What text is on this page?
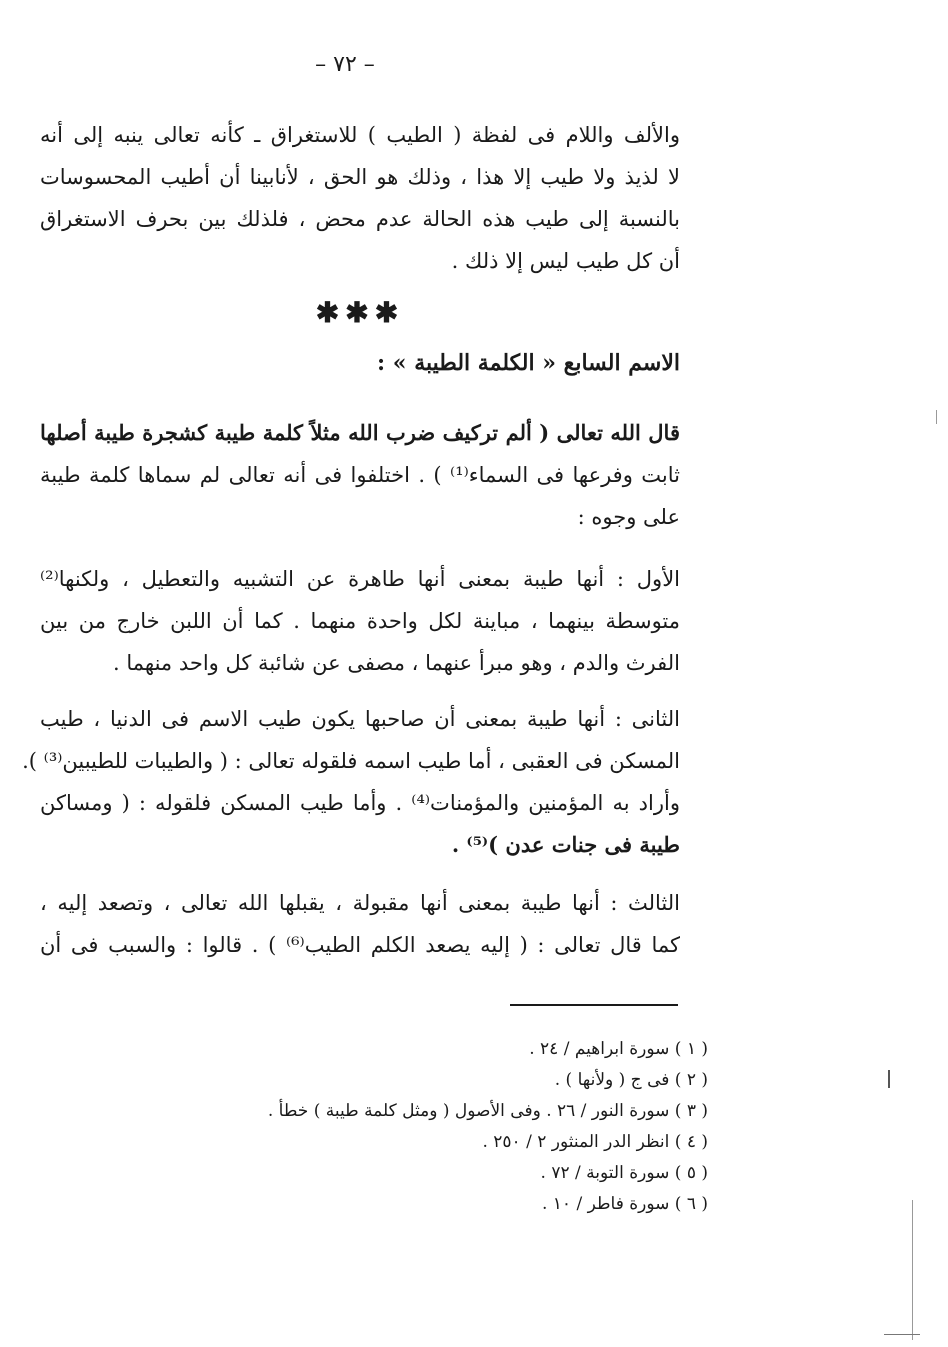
– ٧٢ –
والألف واللام فى لفظة ( الطيب ) للاستغراق ـ كأنه تعالى ينبه إلى أنه
لا لذيذ ولا طيب إلا هذا ، وذلك هو الحق ، لأنابينا أن أطيب المحسوسات
بالنسبة إلى طيب هذه الحالة عدم محض ، فلذلك بين بحرف الاستغراق
أن كل طيب ليس إلا ذلك .
✱✱✱
الاسم السابع « الكلمة الطيبة » :
قال الله تعالى ( ألم تركيف ضرب الله مثلاً كلمة طيبة كشجرة طيبة أصلها
ثابت وفرعها فى السماء⁽¹⁾ ) . اختلفوا فى أنه تعالى لم سماها كلمة طيبة
على وجوه :
الأول : أنها طيبة بمعنى أنها طاهرة عن التشبيه والتعطيل ، ولكنها⁽²⁾
متوسطة بينهما ، مباينة لكل واحدة منهما . كما أن اللبن خارج من بين
الفرث والدم ، وهو مبرأ عنهما ، مصفى عن شائبة كل واحد منهما .
الثانى : أنها طيبة بمعنى أن صاحبها يكون طيب الاسم فى الدنيا ، طيب
المسكن فى العقبى ، أما طيب اسمه فلقوله تعالى : ( والطيبات للطيبين⁽³⁾ ).
وأراد به المؤمنين والمؤمنات⁽⁴⁾ . وأما طيب المسكن فلقوله : ( ومساكن
طيبة فى جنات عدن )⁽⁵⁾ .
الثالث : أنها طيبة بمعنى أنها مقبولة ، يقبلها الله تعالى ، وتصعد إليه ،
كما قال تعالى : ( إليه يصعد الكلم الطيب⁽⁶⁾ ) . قالوا : والسبب فى أن
( ١ ) سورة ابراهيم / ٢٤ .
( ٢ ) فى ج ( ولأنها ) .
( ٣ ) سورة النور / ٢٦ . وفى الأصول ( ومثل كلمة طيبة ) خطأ .
( ٤ ) انظر الدر المنثور ٢ / ٢٥٠ .
( ٥ ) سورة التوبة / ٧٢ .
( ٦ ) سورة فاطر / ١٠ .
